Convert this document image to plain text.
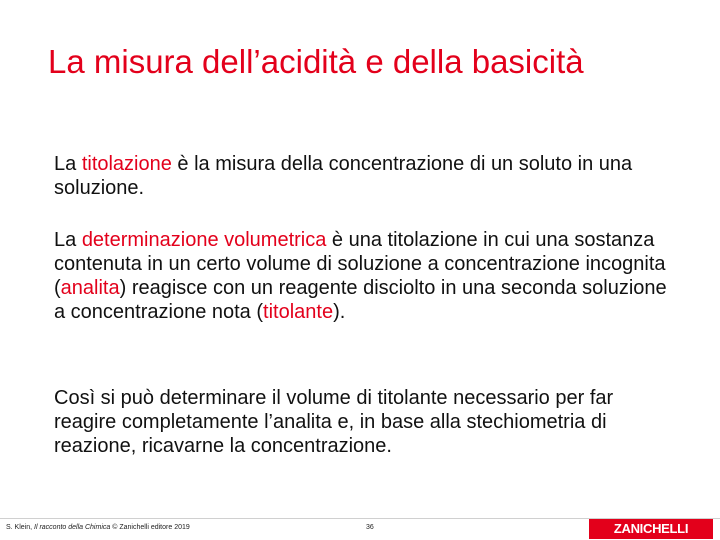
La misura dell’acidità e della basicità
La titolazione è la misura della concentrazione di un soluto in una soluzione.
La determinazione volumetrica è una titolazione in cui una sostanza contenuta in un certo volume di soluzione a concentrazione incognita (analita) reagisce con un reagente disciolto in una seconda soluzione a concentrazione nota (titolante).
Così si può determinare il volume di titolante necessario per far reagire completamente l’analita e, in base alla stechiometria di reazione, ricavarne la concentrazione.
S. Klein, Il racconto della Chimica © Zanichelli editore 2019	36	ZANICHELLI
